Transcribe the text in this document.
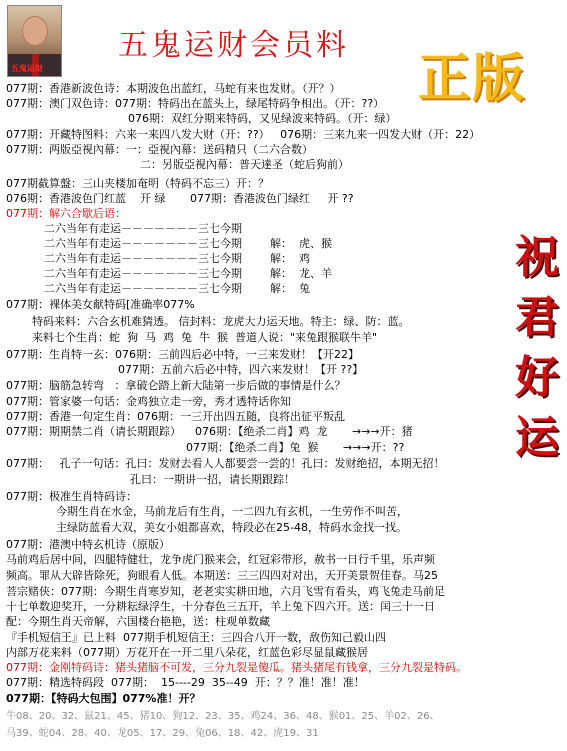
五鬼运财
五鬼运财会员料
正版
祝君好运
077期：香港新波色诗：本期波色出蓝红，马蛇有来也发财。（开？）
077期：澳门双色诗：077期：特码出在蓝头上，绿尾特码争相出。（开：??）
076期：双红分期来特码，又见绿波来特码。（开：绿）
077期：开藏特图料：六来一来四八发大财（开：??）   076期：三来九来一四发大财（开：22）
077期：两版亞視內幕：一：亞視內幕：送码精只（二六合数）
二：另版亞視內幕：普天達圣（蛇后狗前）
077期截算盤：三山夹楼加奄明（特码不忘三）开：？
076期：香港波色门红蓝    开 绿       077期：香港波色门绿红     开 ??
077期：解六合歇后语：
二六当年有走运－－－－－－－三七今期
二六当年有走运－－－－－－－三七今期        解：  虎、猴
二六当年有走运－－－－－－－三七今期        解：  鸡
二六当年有走运－－－－－－－三七今期        解：  龙、羊
二六当年有走运－－－－－－－三七今期        解：  兔
077期：裸体美女献特码[准确率077%
特码来料：六合玄机难猜透。 信封料：龙虎大力运天地。特主：绿、防：蓝。
来料七个生肖：蛇  狗  马  鸡  兔  牛  猴  普道人说："来兔跟猴联牛羊"
077期：生肖特一玄：076期：三前四后必中特，一三来发财！【开22】
077期：五前六后必中特，四六来发财！【开 ??】
077期：脑筋急转弯   ：拿破仑踏上新大陆第一步后做的事情是什么？
077期：管家婆一句话：金鸡独立走一旁，秀才透特话你知
077期：香港一句定生肖：076期：一三开出四五随，良将出征平叛乱
077期：期期禁二肖（请长期跟踪）    076期：【绝杀二肖】鸡  龙       →→→开：猪
077期：【绝杀二肖】兔  猴       →→→开：??
077期：   孔子一句话：孔曰：发财去看人人都要尝一尝的！孔曰：发财绝招，本期无招！
孔曰：一期讲一招，请长期跟踪！
077期：极准生肖特码诗：
今期生肖在水金，马前龙后有生肖，一二四九有玄机，一生劳作不叫苦，
主绿防蓝看大双，美女小姐都喜欢，特段必在25-48，特码水金找一找。
077期：港澳中特玄机诗（原版）
马前鸡后居中间，四腿特健壮，龙争虎门猴来会，红冠彩带形，赦书一日行千里，乐声频
频高。罪从大辟皆除死，狗眼看人低。本期送：三三四四对对出，天开美景贺佳春。马25
菩宗赌侠：077期：今期生肖寒岁知，老老实实耕田地，六月飞雪有看头，鸡飞兔走马前足
十七单数迎奖开，一分耕耘绿浮生，十分春色三五开，羊上兔下四六开。送：闰三十一日
配：今期生肖天帝解，六国楼台艳艳，送：柱观单数藏
『手机短信王』已上料  077期手机短信王：三四合八开一数，敌伤知己毅山四
内部万花来料（077期）万花开在一开二里八朵花，红蓝色彩尽显鼠藏猴居
077期：金刚特码诗：猪头猪脑不可发，三分九裂是傻瓜。猪头猪尾有钱拿，三分九裂是特码。
077期：精选特码段  077期：  15----29  35--49  开：？？准！准！准！
077期：【特码大包围】077%准！开？
牛08、20、32、鼠21、45、猪10、狗12、23、35、鸡24、36、48、猴01、25、羊02、26、
马39、蛇04、28、40、龙05、17、29、兔06、18、42、虎19、31
